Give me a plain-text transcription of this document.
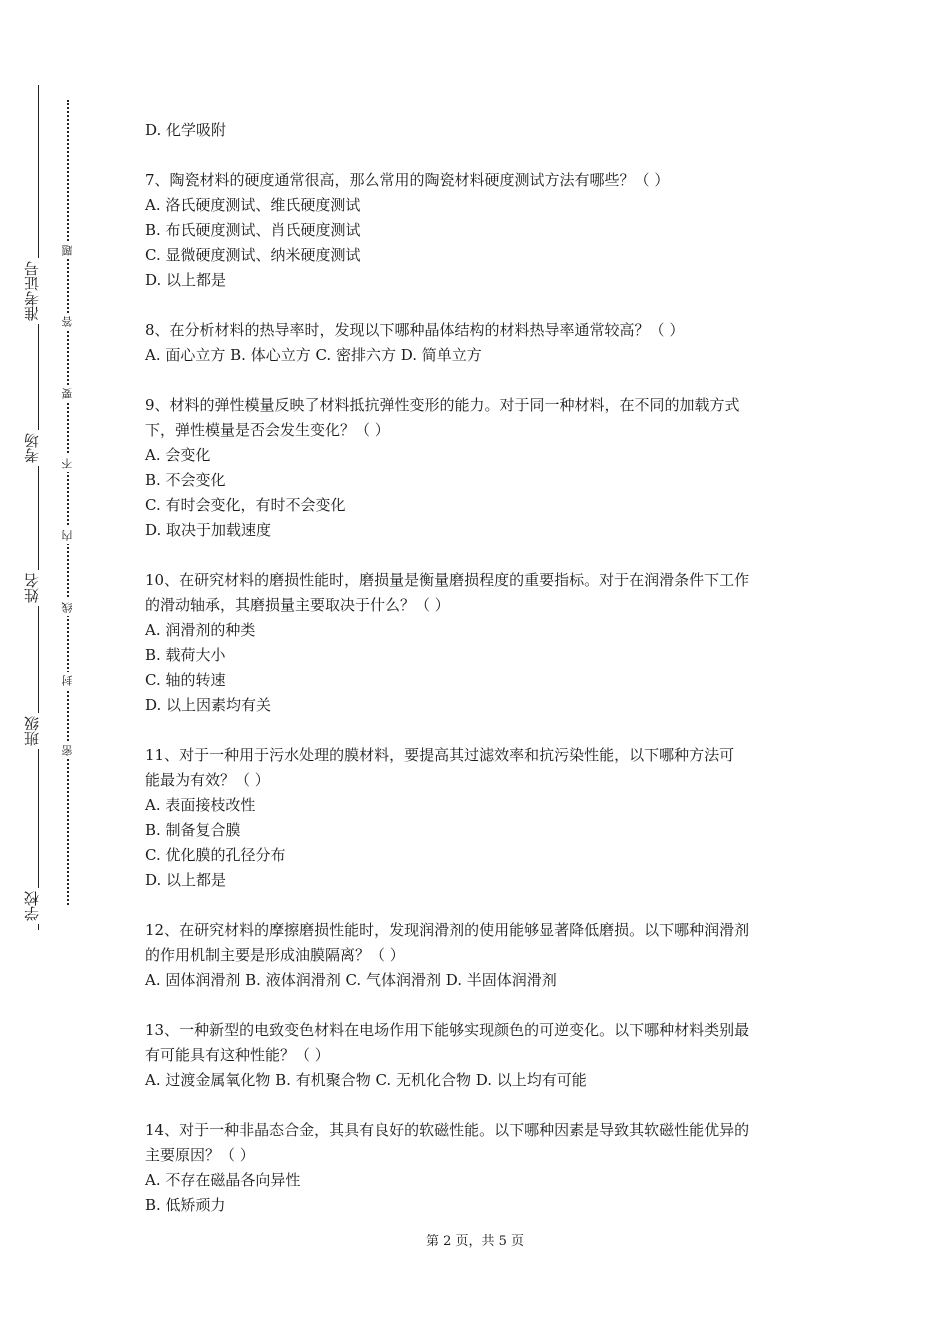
学校
班级
姓名
考场
准考证号
密
封
线
内
不
要
答
题
D. 化学吸附
7、陶瓷材料的硬度通常很高，那么常用的陶瓷材料硬度测试方法有哪些？（ ）
A. 洛氏硬度测试、维氏硬度测试
B. 布氏硬度测试、肖氏硬度测试
C. 显微硬度测试、纳米硬度测试
D. 以上都是
8、在分析材料的热导率时，发现以下哪种晶体结构的材料热导率通常较高？（ ）
A. 面心立方 B. 体心立方 C. 密排六方 D. 简单立方
9、材料的弹性模量反映了材料抵抗弹性变形的能力。对于同一种材料，在不同的加载方式
下，弹性模量是否会发生变化？（ ）
A. 会变化
B. 不会变化
C. 有时会变化，有时不会变化
D. 取决于加载速度
10、在研究材料的磨损性能时，磨损量是衡量磨损程度的重要指标。对于在润滑条件下工作
的滑动轴承，其磨损量主要取决于什么？（ ）
A. 润滑剂的种类
B. 载荷大小
C. 轴的转速
D. 以上因素均有关
11、对于一种用于污水处理的膜材料，要提高其过滤效率和抗污染性能，以下哪种方法可
能最为有效？（ ）
A. 表面接枝改性
B. 制备复合膜
C. 优化膜的孔径分布
D. 以上都是
12、在研究材料的摩擦磨损性能时，发现润滑剂的使用能够显著降低磨损。以下哪种润滑剂
的作用机制主要是形成油膜隔离？（ ）
A. 固体润滑剂 B. 液体润滑剂 C. 气体润滑剂 D. 半固体润滑剂
13、一种新型的电致变色材料在电场作用下能够实现颜色的可逆变化。以下哪种材料类别最
有可能具有这种性能？（ ）
A. 过渡金属氧化物 B. 有机聚合物 C. 无机化合物 D. 以上均有可能
14、对于一种非晶态合金，其具有良好的软磁性能。以下哪种因素是导致其软磁性能优异的
主要原因？（ ）
A. 不存在磁晶各向异性
B. 低矫顽力
第 2 页，共 5 页
